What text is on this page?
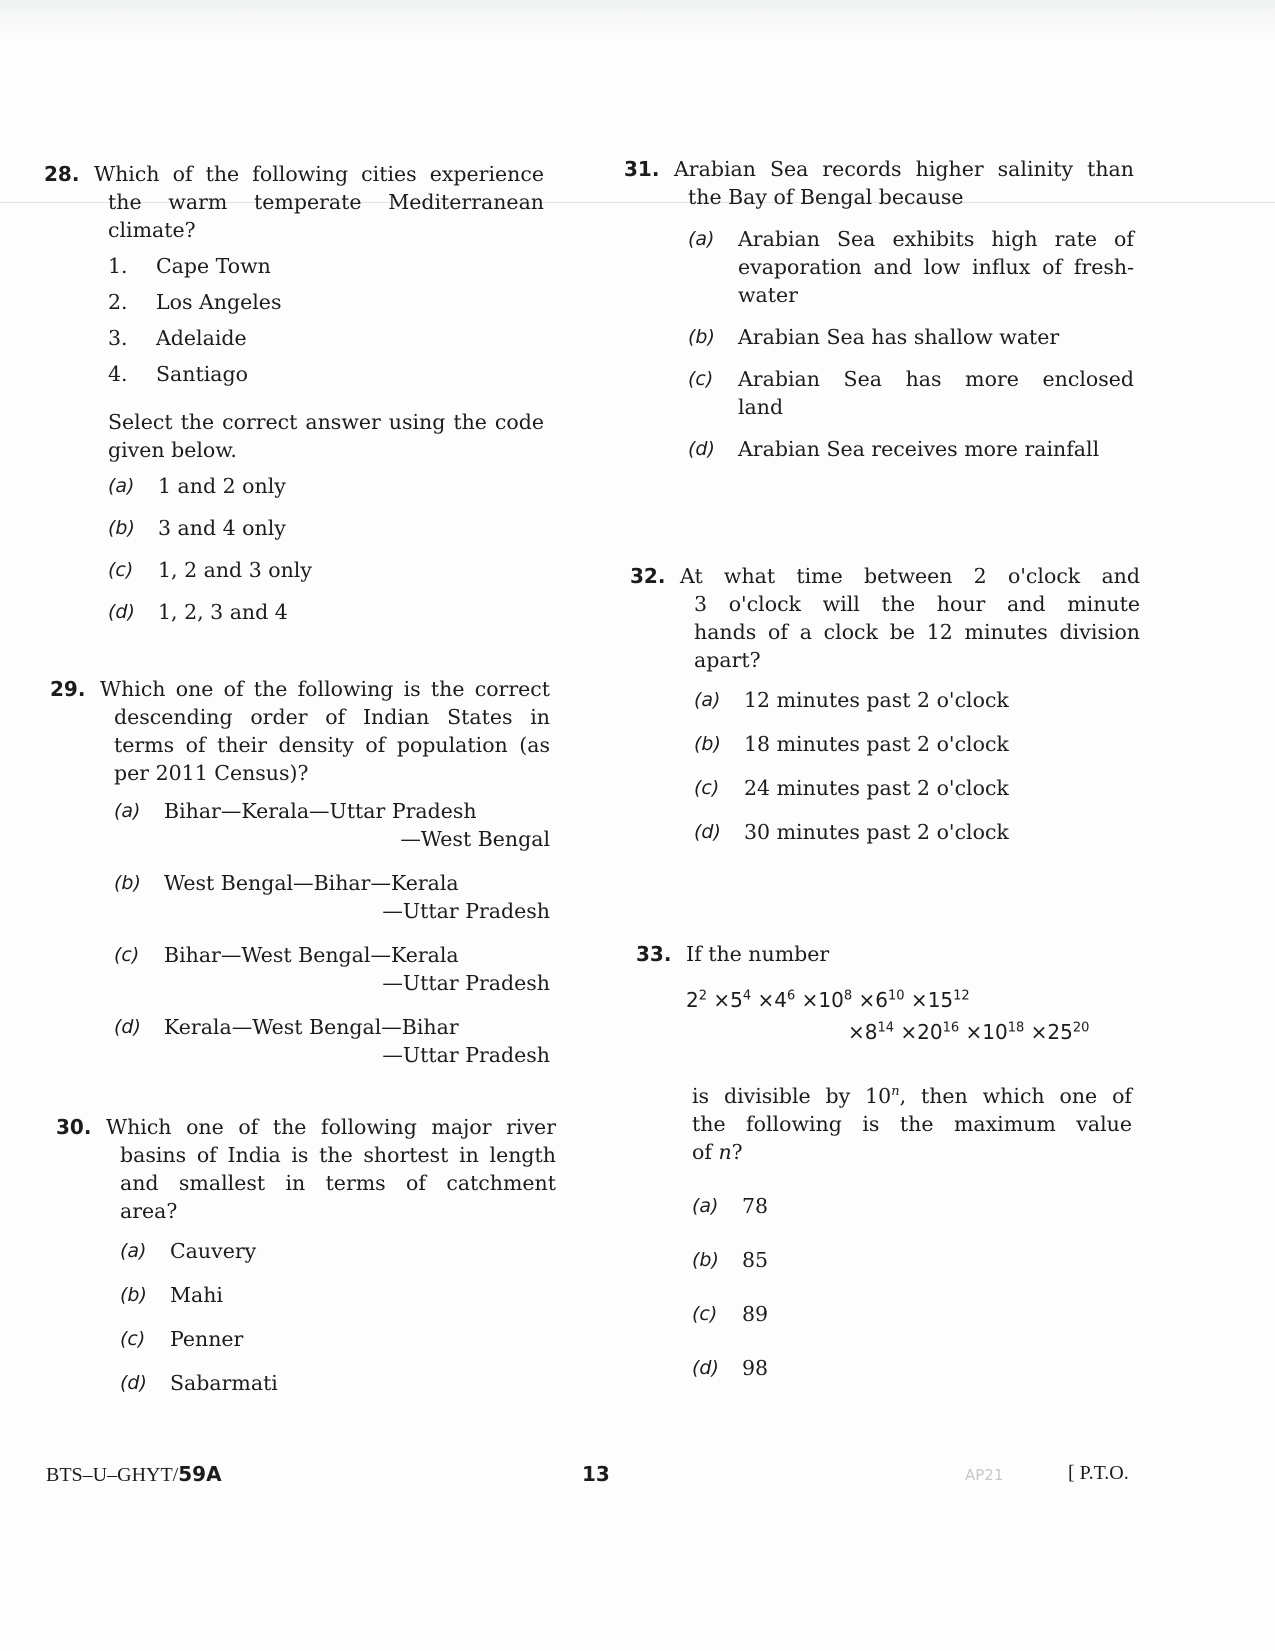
28. Which of the following cities experience
the warm temperate Mediterranean
climate?
1.	Cape Town
2.	Los Angeles
3.	Adelaide
4.	Santiago
Select the correct answer using the code
given below.
(a)	1 and 2 only
(b)	3 and 4 only
(c)	1, 2 and 3 only
(d)	1, 2, 3 and 4
29. Which one of the following is the correct
descending order of Indian States in
terms of their density of population (as
per 2011 Census)?
(a)	Bihar—Kerala—Uttar Pradesh
—West Bengal
(b)	West Bengal—Bihar—Kerala
—Uttar Pradesh
(c)	Bihar—West Bengal—Kerala
—Uttar Pradesh
(d)	Kerala—West Bengal—Bihar
—Uttar Pradesh
30. Which one of the following major river
basins of India is the shortest in length
and smallest in terms of catchment
area?
(a)	Cauvery
(b)	Mahi
(c)	Penner
(d)	Sabarmati
31. Arabian Sea records higher salinity than
the Bay of Bengal because
(a)	Arabian Sea exhibits high rate of
evaporation and low influx of fresh-
water
(b)	Arabian Sea has shallow water
(c)	Arabian Sea has more enclosed
land
(d)	Arabian Sea receives more rainfall
32. At what time between 2 o'clock and
3 o'clock will the hour and minute
hands of a clock be 12 minutes division
apart?
(a)	12 minutes past 2 o'clock
(b)	18 minutes past 2 o'clock
(c)	24 minutes past 2 o'clock
(d)	30 minutes past 2 o'clock
33. If the number
$2^2 \times 5^4 \times 4^6 \times 10^8 \times 6^{10} \times 15^{12}$
$\times 8^{14} \times 20^{16} \times 10^{18} \times 25^{20}$
is divisible by 10$^n$, then which one of
the following is the maximum value
of n?
(a)	78
(b)	85
(c)	89
(d)	98
BTS–U–GHYT/59A	13	AP21	[ P.T.O.
